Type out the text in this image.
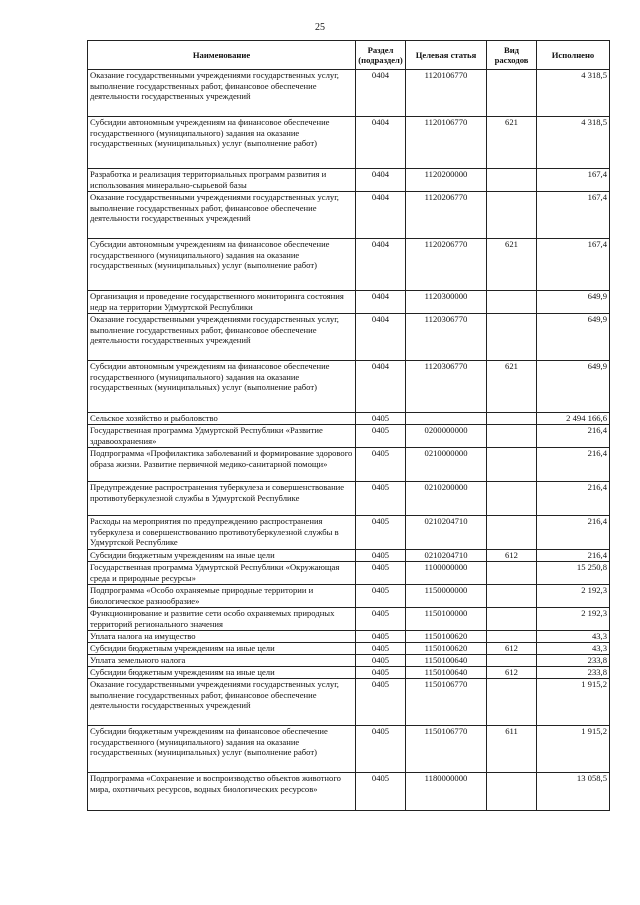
25
Наименование	Раздел (подраздел)	Целевая статья	Вид расходов	Исполнено
Оказание государственными учреждениями государственных услуг, выполнение государственных работ, финансовое обеспечение деятельности государственных учреждений	0404	1120106770		4 318,5
Субсидии автономным учреждениям на финансовое обеспечение государственного (муниципального) задания на оказание государственных (муниципальных) услуг (выполнение работ)	0404	1120106770	621	4 318,5
Разработка и реализация территориальных программ развития и использования минерально-сырьевой базы	0404	1120200000		167,4
Оказание государственными учреждениями государственных услуг, выполнение государственных работ, финансовое обеспечение деятельности государственных учреждений	0404	1120206770		167,4
Субсидии автономным учреждениям на финансовое обеспечение государственного (муниципального) задания на оказание государственных (муниципальных) услуг (выполнение работ)	0404	1120206770	621	167,4
Организация и проведение государственного мониторинга состояния недр на территории Удмуртской Республики	0404	1120300000		649,9
Оказание государственными учреждениями государственных услуг, выполнение государственных работ, финансовое обеспечение деятельности государственных учреждений	0404	1120306770		649,9
Субсидии автономным учреждениям на финансовое обеспечение государственного (муниципального) задания на оказание государственных (муниципальных) услуг (выполнение работ)	0404	1120306770	621	649,9
Сельское хозяйство и рыболовство	0405			2 494 166,6
Государственная программа Удмуртской Республики «Развитие здравоохранения»	0405	0200000000		216,4
Подпрограмма «Профилактика заболеваний и формирование здорового образа жизни. Развитие первичной медико-санитарной помощи»	0405	0210000000		216,4
Предупреждение распространения туберкулеза и совершенствование противотуберкулезной службы в Удмуртской Республике	0405	0210200000		216,4
Расходы на мероприятия по предупреждению распространения туберкулеза и совершенствованию противотуберкулезной службы в Удмуртской Республике	0405	0210204710		216,4
Субсидии бюджетным учреждениям на иные цели	0405	0210204710	612	216,4
Государственная программа Удмуртской Республики «Окружающая среда и природные ресурсы»	0405	1100000000		15 250,8
Подпрограмма «Особо охраняемые природные территории и биологическое разнообразие»	0405	1150000000		2 192,3
Функционирование и развитие сети особо охраняемых природных территорий регионального значения	0405	1150100000		2 192,3
Уплата налога на имущество	0405	1150100620		43,3
Субсидии бюджетным учреждениям на иные цели	0405	1150100620	612	43,3
Уплата земельного налога	0405	1150100640		233,8
Субсидии бюджетным учреждениям на иные цели	0405	1150100640	612	233,8
Оказание государственными учреждениями государственных услуг, выполнение государственных работ, финансовое обеспечение деятельности государственных учреждений	0405	1150106770		1 915,2
Субсидии бюджетным учреждениям на финансовое обеспечение государственного (муниципального) задания на оказание государственных (муниципальных) услуг (выполнение работ)	0405	1150106770	611	1 915,2
Подпрограмма «Сохранение и воспроизводство объектов животного мира, охотничьих ресурсов, водных биологических ресурсов»	0405	1180000000		13 058,5
